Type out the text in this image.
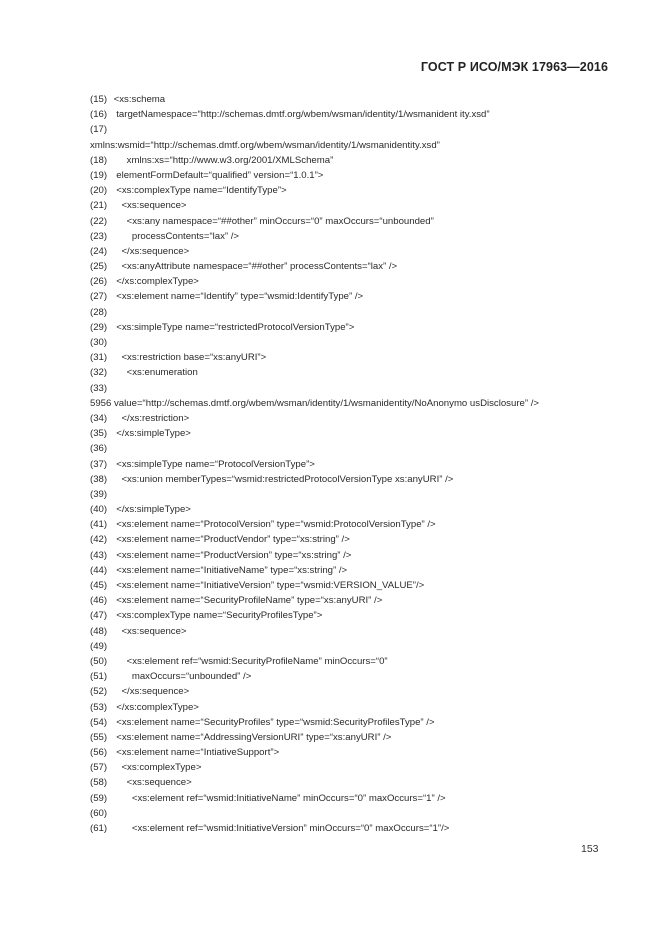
ГОСТ Р ИСО/МЭК 17963—2016
(15) <xs:schema
(16) targetNamespace=“http://schemas.dmtf.org/wbem/wsman/identity/1/wsmanident ity.xsd”
(17)
xmlns:wsmid=“http://schemas.dmtf.org/wbem/wsman/identity/1/wsmanidentity.xsd”
(18) xmlns:xs=“http://www.w3.org/2001/XMLSchema”
(19) elementFormDefault=“qualified” version=“1.0.1”>
(20) <xs:complexType name=“IdentifyType”>
(21) <xs:sequence>
(22) <xs:any namespace=“##other” minOccurs=“0” maxOccurs=“unbounded”
(23)	processContents=“lax” />
(24) </xs:sequence>
(25) <xs:anyAttribute namespace=“##other” processContents=“lax” />
(26) </xs:complexType>
(27) <xs:element name=“Identify” type=“wsmid:IdentifyType” />
(28)
(29) <xs:simpleType name=“restrictedProtocolVersionType”>
(30)
(31) <xs:restriction base=“xs:anyURI”>
(32) <xs:enumeration
(33)
5956 value=“http://schemas.dmtf.org/wbem/wsman/identity/1/wsmanidentity/NoAnonymo usDisclosure” />
(34) </xs:restriction>
(35) </xs:simpleType>
(36)
(37) <xs:simpleType name=“ProtocolVersionType”>
(38) <xs:union memberTypes=“wsmid:restrictedProtocolVersionType xs:anyURI” />
(39)
(40) </xs:simpleType>
(41) <xs:element name=“ProtocolVersion” type=“wsmid:ProtocolVersionType” />
(42) <xs:element name=“ProductVendor” type=“xs:string” />
(43) <xs:element name=“ProductVersion” type=“xs:string” />
(44) <xs:element name=“InitiativeName” type=“xs:string” />
(45) <xs:element name=“InitiativeVersion” type=“wsmid:VERSION_VALUE”/>
(46) <xs:element name=“SecurityProfileName” type=“xs:anyURI” />
(47) <xs:complexType name=“SecurityProfilesType”>
(48) <xs:sequence>
(49)
(50) <xs:element ref=“wsmid:SecurityProfileName” minOccurs=“0”
(51)	maxOccurs=“unbounded” />
(52) </xs:sequence>
(53) </xs:complexType>
(54) <xs:element name=“SecurityProfiles” type=“wsmid:SecurityProfilesType” />
(55) <xs:element name=“AddressingVersionURI” type=“xs:anyURI” />
(56) <xs:element name=“IntiativeSupport”>
(57) <xs:complexType>
(58) <xs:sequence>
(59)	<xs:element ref=“wsmid:InitiativeName” minOccurs=“0” maxOccurs=“1” />
(60)
(61)	<xs:element ref=“wsmid:InitiativeVersion” minOccurs=“0” maxOccurs=“1”/>
153
